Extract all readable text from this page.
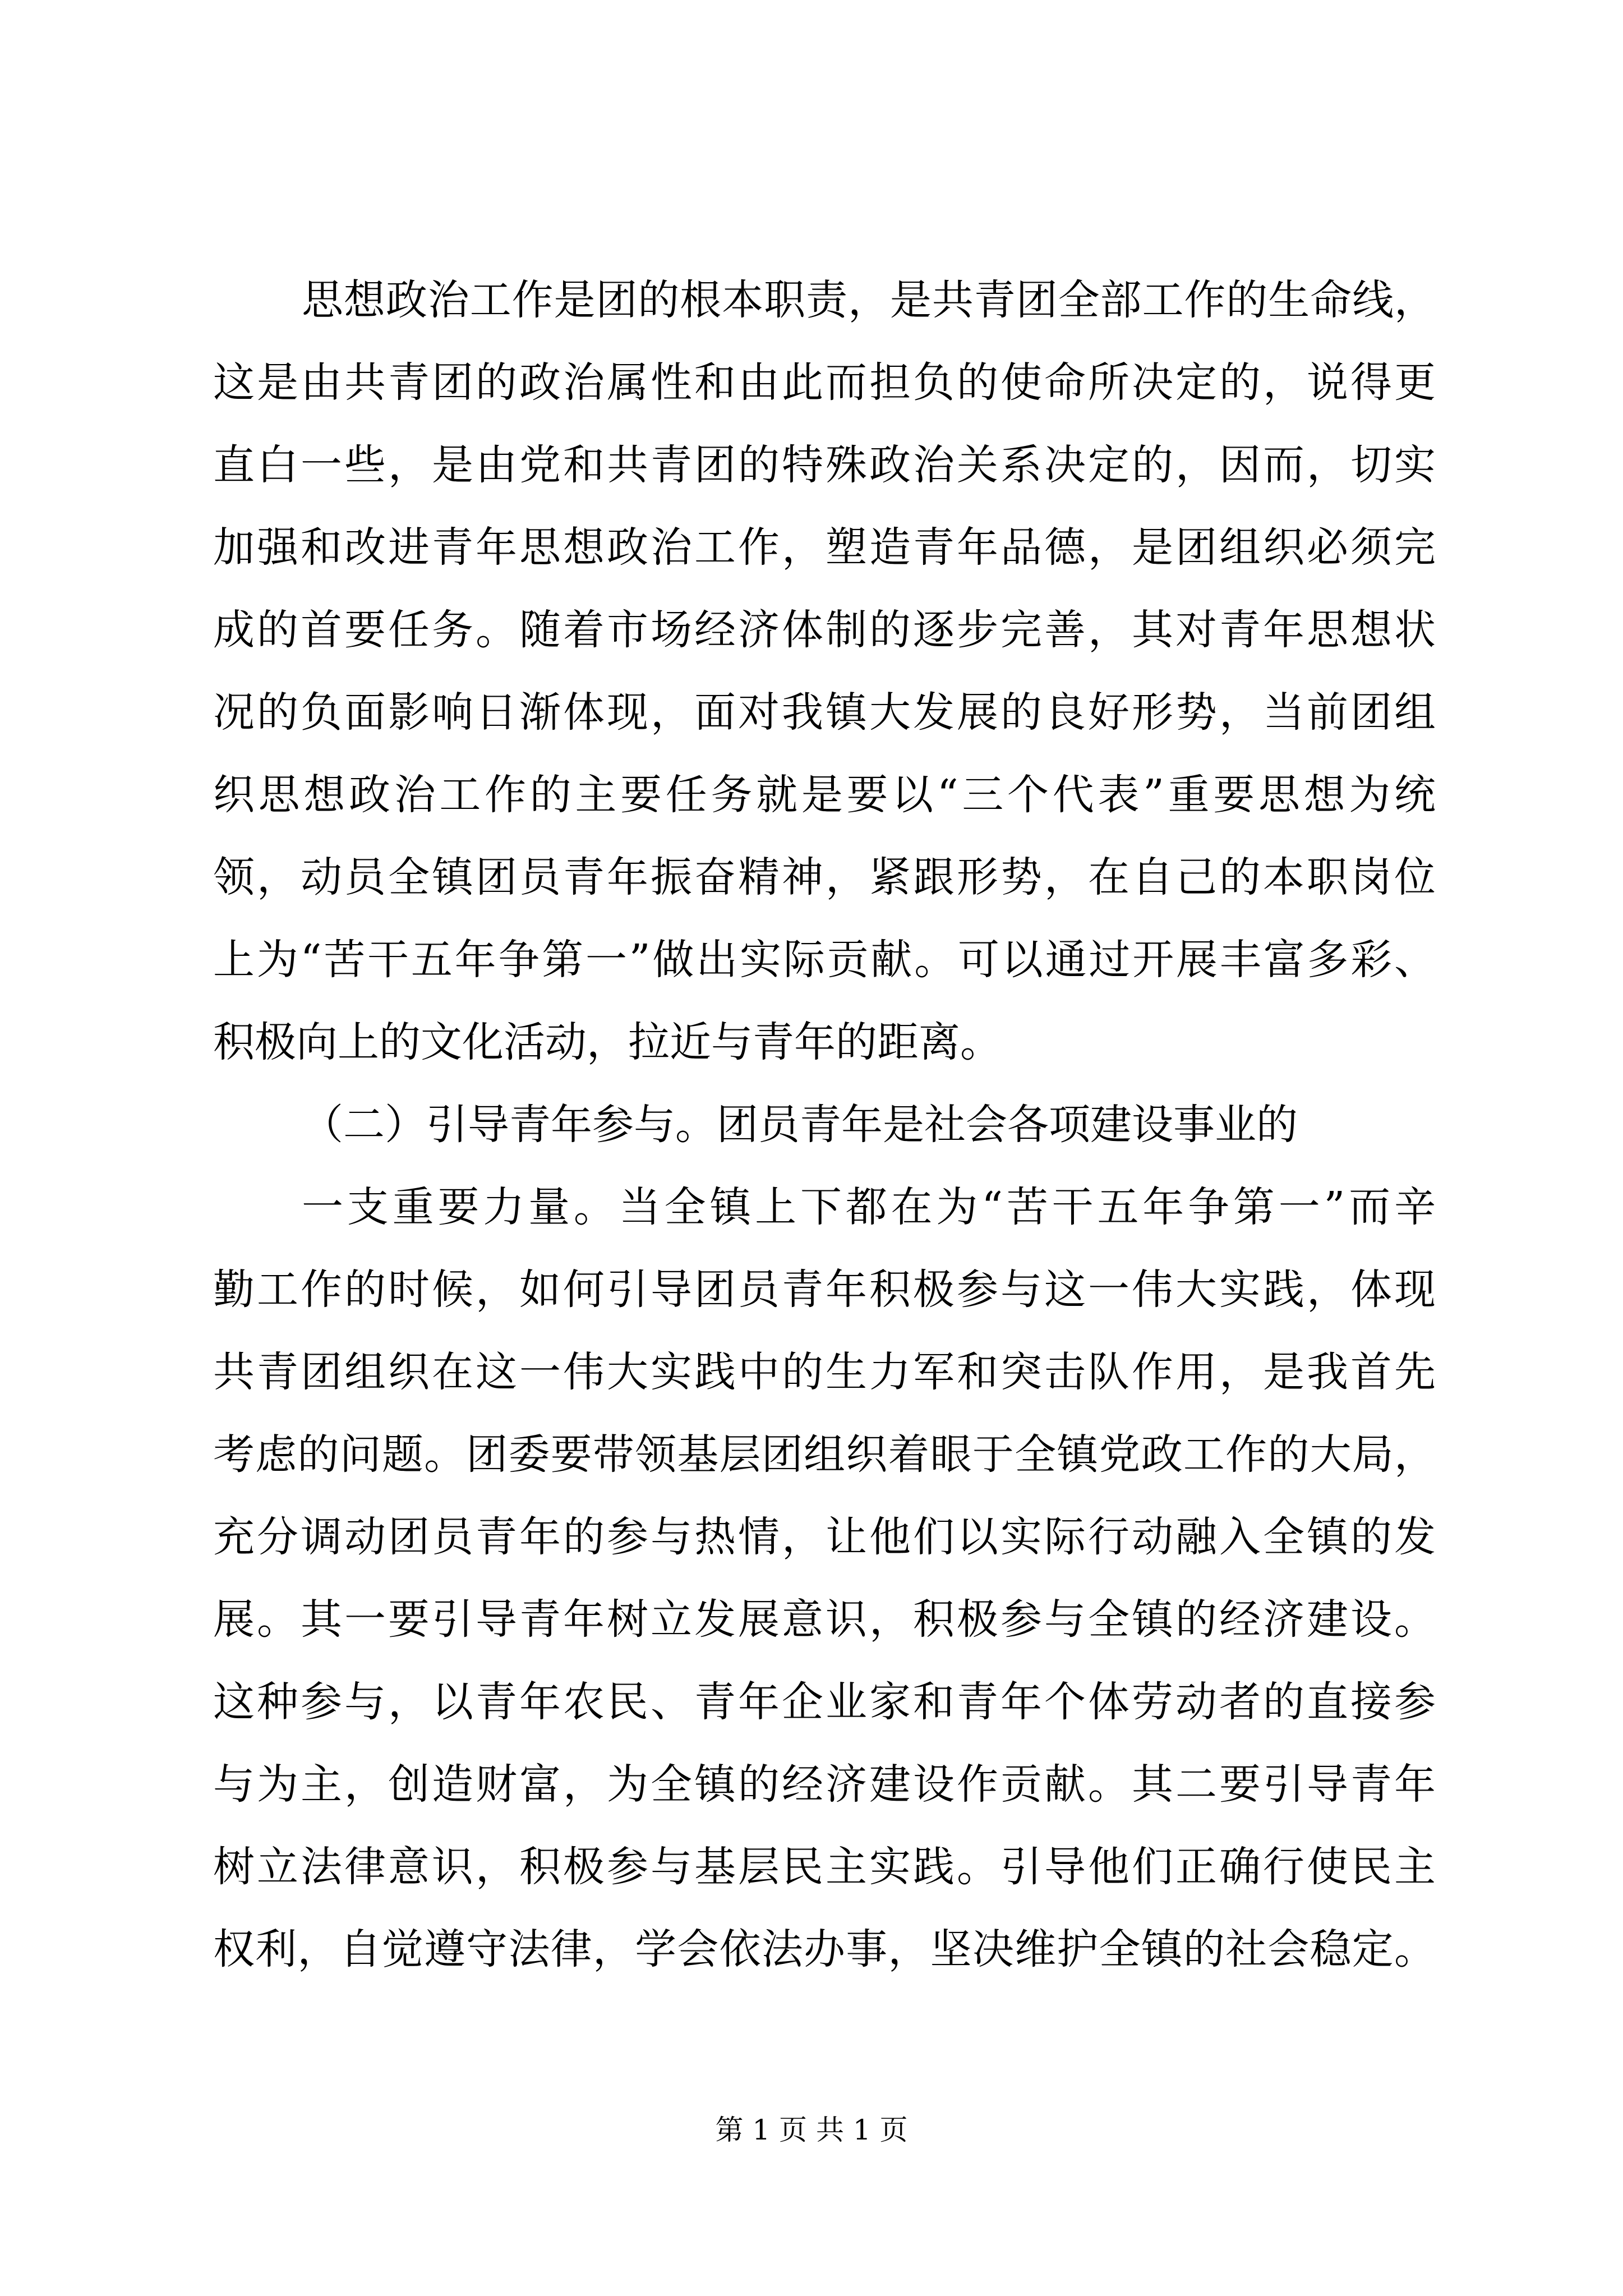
思想政治工作是团的根本职责，是共青团全部工作的生命线，
这是由共青团的政治属性和由此而担负的使命所决定的，说得更
直白一些，是由党和共青团的特殊政治关系决定的，因而，切实
加强和改进青年思想政治工作，塑造青年品德，是团组织必须完
成的首要任务。随着市场经济体制的逐步完善，其对青年思想状
况的负面影响日渐体现，面对我镇大发展的良好形势，当前团组
织思想政治工作的主要任务就是要以“三个代表”重要思想为统
领，动员全镇团员青年振奋精神，紧跟形势，在自己的本职岗位
上为“苦干五年争第一”做出实际贡献。可以通过开展丰富多彩、
积极向上的文化活动，拉近与青年的距离。
（二）引导青年参与。团员青年是社会各项建设事业的
一支重要力量。当全镇上下都在为“苦干五年争第一”而辛
勤工作的时候，如何引导团员青年积极参与这一伟大实践，体现
共青团组织在这一伟大实践中的生力军和突击队作用，是我首先
考虑的问题。团委要带领基层团组织着眼于全镇党政工作的大局，
充分调动团员青年的参与热情，让他们以实际行动融入全镇的发
展。其一要引导青年树立发展意识，积极参与全镇的经济建设。
这种参与，以青年农民、青年企业家和青年个体劳动者的直接参
与为主，创造财富，为全镇的经济建设作贡献。其二要引导青年
树立法律意识，积极参与基层民主实践。引导他们正确行使民主
权利，自觉遵守法律，学会依法办事，坚决维护全镇的社会稳定。
第 1 页 共 1 页
